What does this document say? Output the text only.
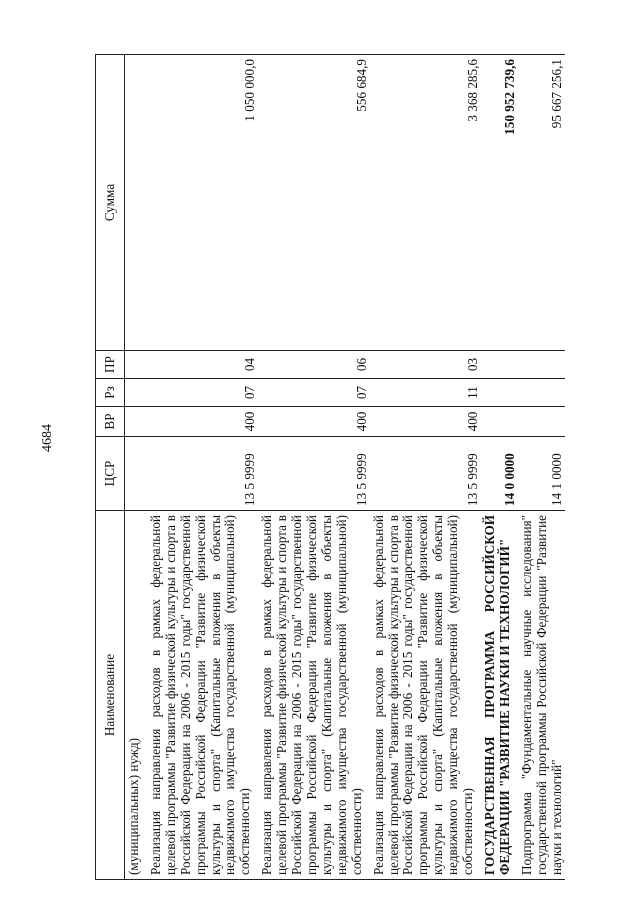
4684
Наименование	ЦСР	ВР	Рз	ПР	Сумма
(муниципальных) нужд)					
Реализация направления расходов в рамках федеральной целевой программы "Развитие физической культуры и спорта в Российской Федерации на 2006 - 2015 годы" государственной программы Российской Федерации "Развитие физической культуры и спорта" (Капитальные вложения в объекты недвижимого имущества государственной (муниципальной) собственности)	13 5 9999	400	07	04	1 050 000,0
Реализация направления расходов в рамках федеральной целевой программы "Развитие физической культуры и спорта в Российской Федерации на 2006 - 2015 годы" государственной программы Российской Федерации "Развитие физической культуры и спорта" (Капитальные вложения в объекты недвижимого имущества государственной (муниципальной) собственности)	13 5 9999	400	07	06	556 684,9
Реализация направления расходов в рамках федеральной целевой программы "Развитие физической культуры и спорта в Российской Федерации на 2006 - 2015 годы" государственной программы Российской Федерации "Развитие физической культуры и спорта" (Капитальные вложения в объекты недвижимого имущества государственной (муниципальной) собственности)	13 5 9999	400	11	03	3 368 285,6
ГОСУДАРСТВЕННАЯ ПРОГРАММА РОССИЙСКОЙ ФЕДЕРАЦИИ "РАЗВИТИЕ НАУКИ И ТЕХНОЛОГИЙ"	14 0 0000				150 952 739,6
Подпрограмма "Фундаментальные научные исследования" государственной программы Российской Федерации "Развитие науки и технологий"	14 1 0000				95 667 256,1
